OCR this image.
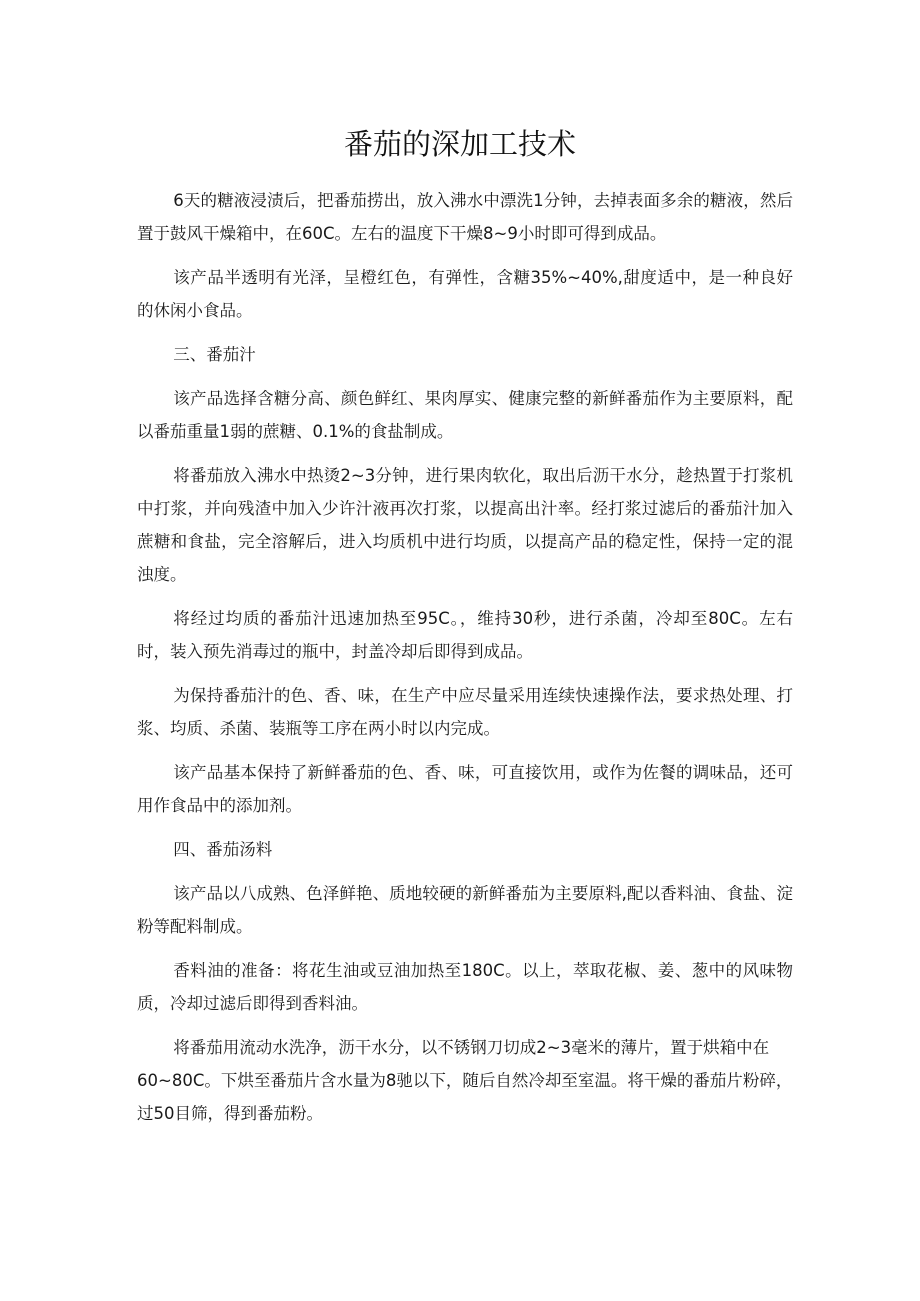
番茄的深加工技术

6天的糖液浸渍后，把番茄捞出，放入沸水中漂洗1分钟，去掉表面多余的糖液，然后置于鼓风干燥箱中，在60C。左右的温度下干燥8~9小时即可得到成品。

该产品半透明有光泽，呈橙红色，有弹性，含糖35%~40%,甜度适中，是一种良好的休闲小食品。

三、番茄汁

该产品选择含糖分高、颜色鲜红、果肉厚实、健康完整的新鲜番茄作为主要原料，配以番茄重量1弱的蔗糖、0.1%的食盐制成。

将番茄放入沸水中热烫2~3分钟，进行果肉软化，取出后沥干水分，趁热置于打浆机中打浆，并向残渣中加入少许汁液再次打浆，以提高出汁率。经打浆过滤后的番茄汁加入蔗糖和食盐，完全溶解后，进入均质机中进行均质，以提高产品的稳定性，保持一定的混浊度。

将经过均质的番茄汁迅速加热至95C。，维持30秒，进行杀菌，冷却至80C。左右时，装入预先消毒过的瓶中，封盖冷却后即得到成品。

为保持番茄汁的色、香、味，在生产中应尽量采用连续快速操作法，要求热处理、打浆、均质、杀菌、装瓶等工序在两小时以内完成。

该产品基本保持了新鲜番茄的色、香、味，可直接饮用，或作为佐餐的调味品，还可用作食品中的添加剂。

四、番茄汤料

该产品以八成熟、色泽鲜艳、质地较硬的新鲜番茄为主要原料,配以香料油、食盐、淀粉等配料制成。

香料油的准备：将花生油或豆油加热至180C。以上，萃取花椒、姜、葱中的风味物质，冷却过滤后即得到香料油。

将番茄用流动水洗净，沥干水分，以不锈钢刀切成2~3毫米的薄片，置于烘箱中在60~80C。下烘至番茄片含水量为8驰以下，随后自然冷却至室温。将干燥的番茄片粉碎，过50目筛，得到番茄粉。
